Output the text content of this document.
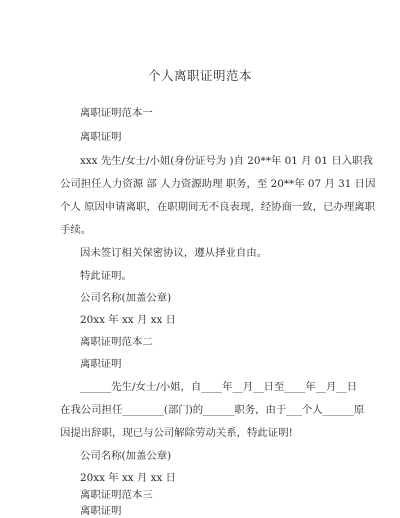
个人离职证明范本
离职证明范本一
离职证明
xxx 先生/女士/小姐(身份证号为 )自 20**年 01 月 01 日入职我
公司担任人力资源 部 人力资源助理 职务，至 20**年 07 月 31 日因
个人 原因申请离职，在职期间无不良表现，经协商一致，已办理离职
手续。
因未签订相关保密协议，遵从择业自由。
特此证明。
公司名称(加盖公章)
20xx 年 xx 月 xx 日
离职证明范本二
离职证明
______先生/女士/小姐，自____年__月__日至____年__月__日
在我公司担任________(部门)的______职务，由于___个人______原
因提出辞职，现已与公司解除劳动关系，特此证明!
公司名称(加盖公章)
20xx 年 xx 月 xx 日
离职证明范本三
离职证明
